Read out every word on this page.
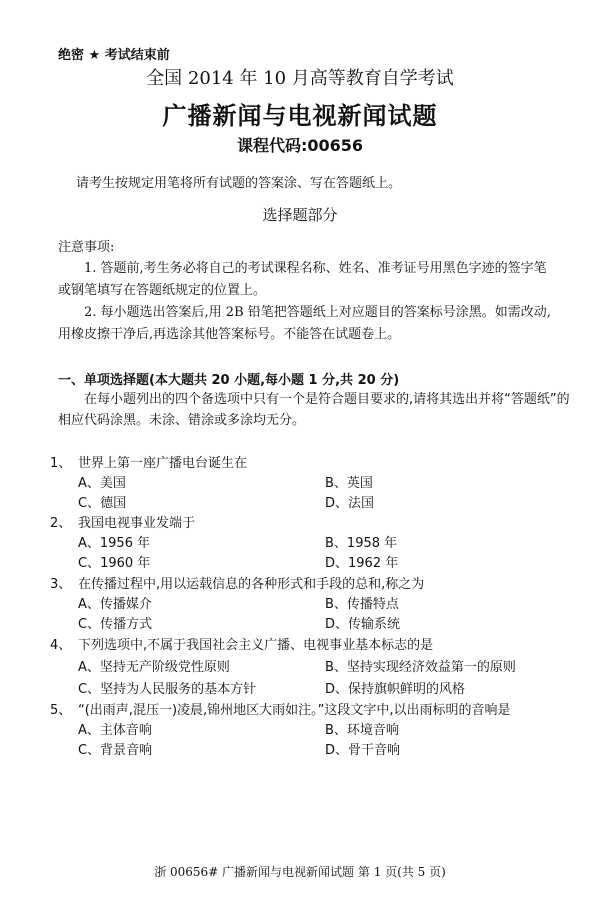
绝密 ★ 考试结束前
全国 2014 年 10 月高等教育自学考试
广播新闻与电视新闻试题
课程代码:00656
请考生按规定用笔将所有试题的答案涂、写在答题纸上。
选择题部分
注意事项:
1. 答题前,考生务必将自己的考试课程名称、姓名、准考证号用黑色字迹的签字笔或钢笔填写在答题纸规定的位置上。
2. 每小题选出答案后,用 2B 铅笔把答题纸上对应题目的答案标号涂黑。如需改动,用橡皮擦干净后,再选涂其他答案标号。不能答在试题卷上。
一、单项选择题(本大题共 20 小题,每小题 1 分,共 20 分)
在每小题列出的四个备选项中只有一个是符合题目要求的,请将其选出并将“答题纸”的相应代码涂黑。未涂、错涂或多涂均无分。
1、 世界上第一座广播电台诞生在
A、美国	B、英国
C、德国	D、法国
2、 我国电视事业发端于
A、1956 年	B、1958 年
C、1960 年	D、1962 年
3、 在传播过程中,用以运载信息的各种形式和手段的总和,称之为
A、传播媒介	B、传播特点
C、传播方式	D、传输系统
4、 下列选项中,不属于我国社会主义广播、电视事业基本标志的是
A、坚持无产阶级党性原则	B、坚持实现经济效益第一的原则
C、坚持为人民服务的基本方针	D、保持旗帜鲜明的风格
5、 “(出雨声,混压一)凌晨,锦州地区大雨如注。”这段文字中,以出雨标明的音响是
A、主体音响	B、环境音响
C、背景音响	D、骨干音响
浙 00656# 广播新闻与电视新闻试题 第 1 页(共 5 页)
